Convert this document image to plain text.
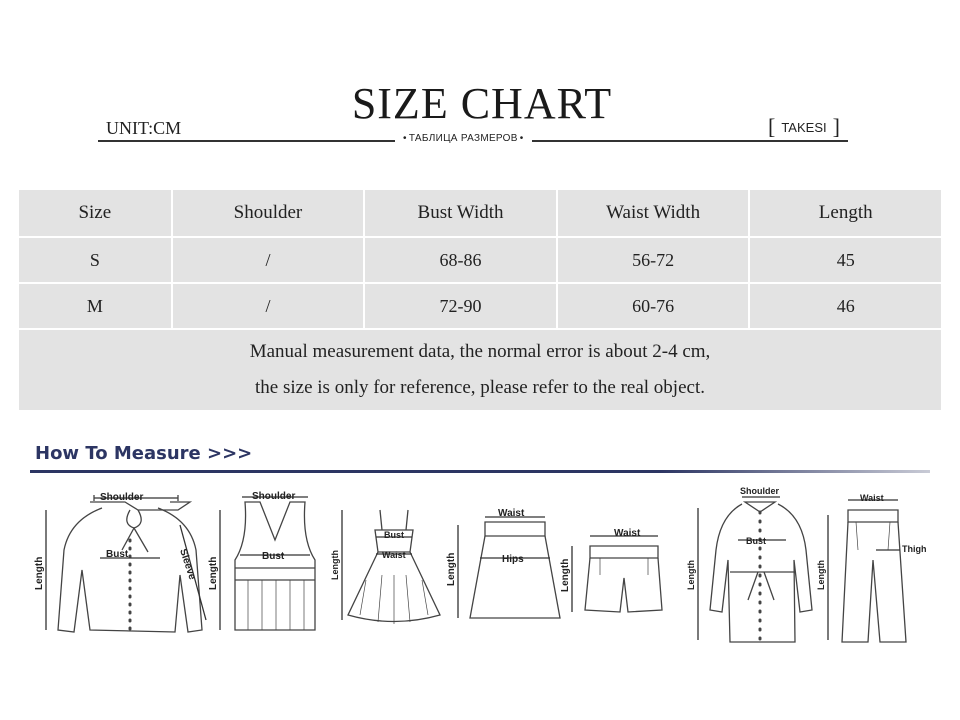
SIZE CHART
UNIT:CM	[ TAKESI ]
• ТАБЛИЦА РАЗМЕРОВ •
Size	Shoulder	Bust Width	Waist Width	Length
S	/	68-86	56-72	45
M	/	72-90	60-76	46

Manual measurement data, the normal error is about 2-4 cm,
the size is only for reference, please refer to the real object.				
How To Measure >>>
Shoulder
Bust	Sleeve
Length
Shoulder
Bust
Length
Bust
Waist
Length
Waist
Hips
Length
Waist
Length
Shoulder
Bust
Length
Waist
Thigh
Length
